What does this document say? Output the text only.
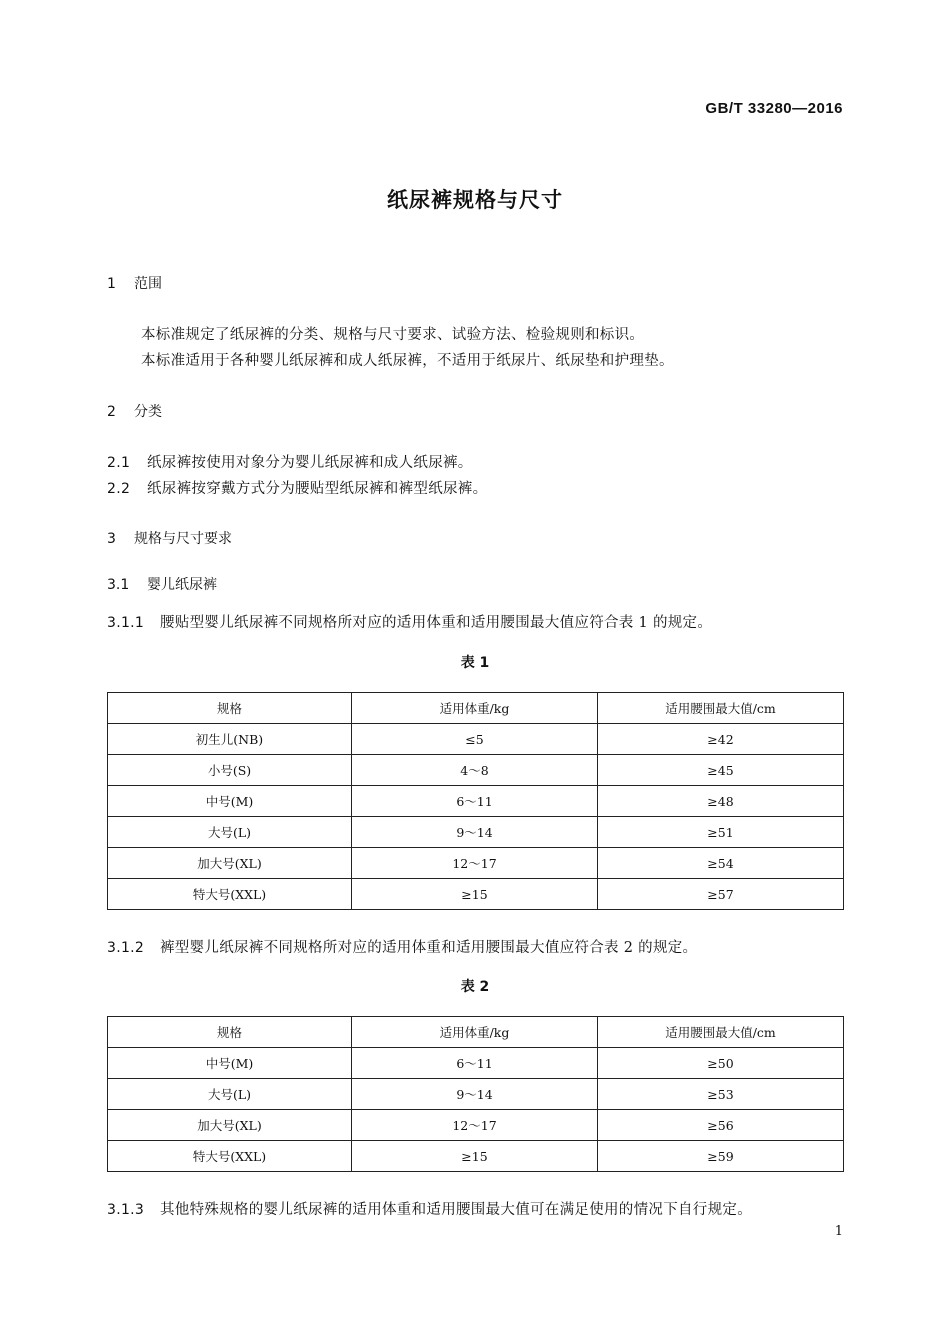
GB/T 33280—2016
纸尿裤规格与尺寸
1 范围
本标准规定了纸尿裤的分类、规格与尺寸要求、试验方法、检验规则和标识。
本标准适用于各种婴儿纸尿裤和成人纸尿裤，不适用于纸尿片、纸尿垫和护理垫。
2 分类
2.1 纸尿裤按使用对象分为婴儿纸尿裤和成人纸尿裤。
2.2 纸尿裤按穿戴方式分为腰贴型纸尿裤和裤型纸尿裤。
3 规格与尺寸要求
3.1 婴儿纸尿裤
3.1.1 腰贴型婴儿纸尿裤不同规格所对应的适用体重和适用腰围最大值应符合表 1 的规定。
表 1
规格	适用体重/kg	适用腰围最大值/cm
初生儿(NB)	≤5	≥42
小号(S)	4～8	≥45
中号(M)	6～11	≥48
大号(L)	9～14	≥51
加大号(XL)	12～17	≥54
特大号(XXL)	≥15	≥57
3.1.2 裤型婴儿纸尿裤不同规格所对应的适用体重和适用腰围最大值应符合表 2 的规定。
表 2
规格	适用体重/kg	适用腰围最大值/cm
中号(M)	6～11	≥50
大号(L)	9～14	≥53
加大号(XL)	12～17	≥56
特大号(XXL)	≥15	≥59
3.1.3 其他特殊规格的婴儿纸尿裤的适用体重和适用腰围最大值可在满足使用的情况下自行规定。
1
